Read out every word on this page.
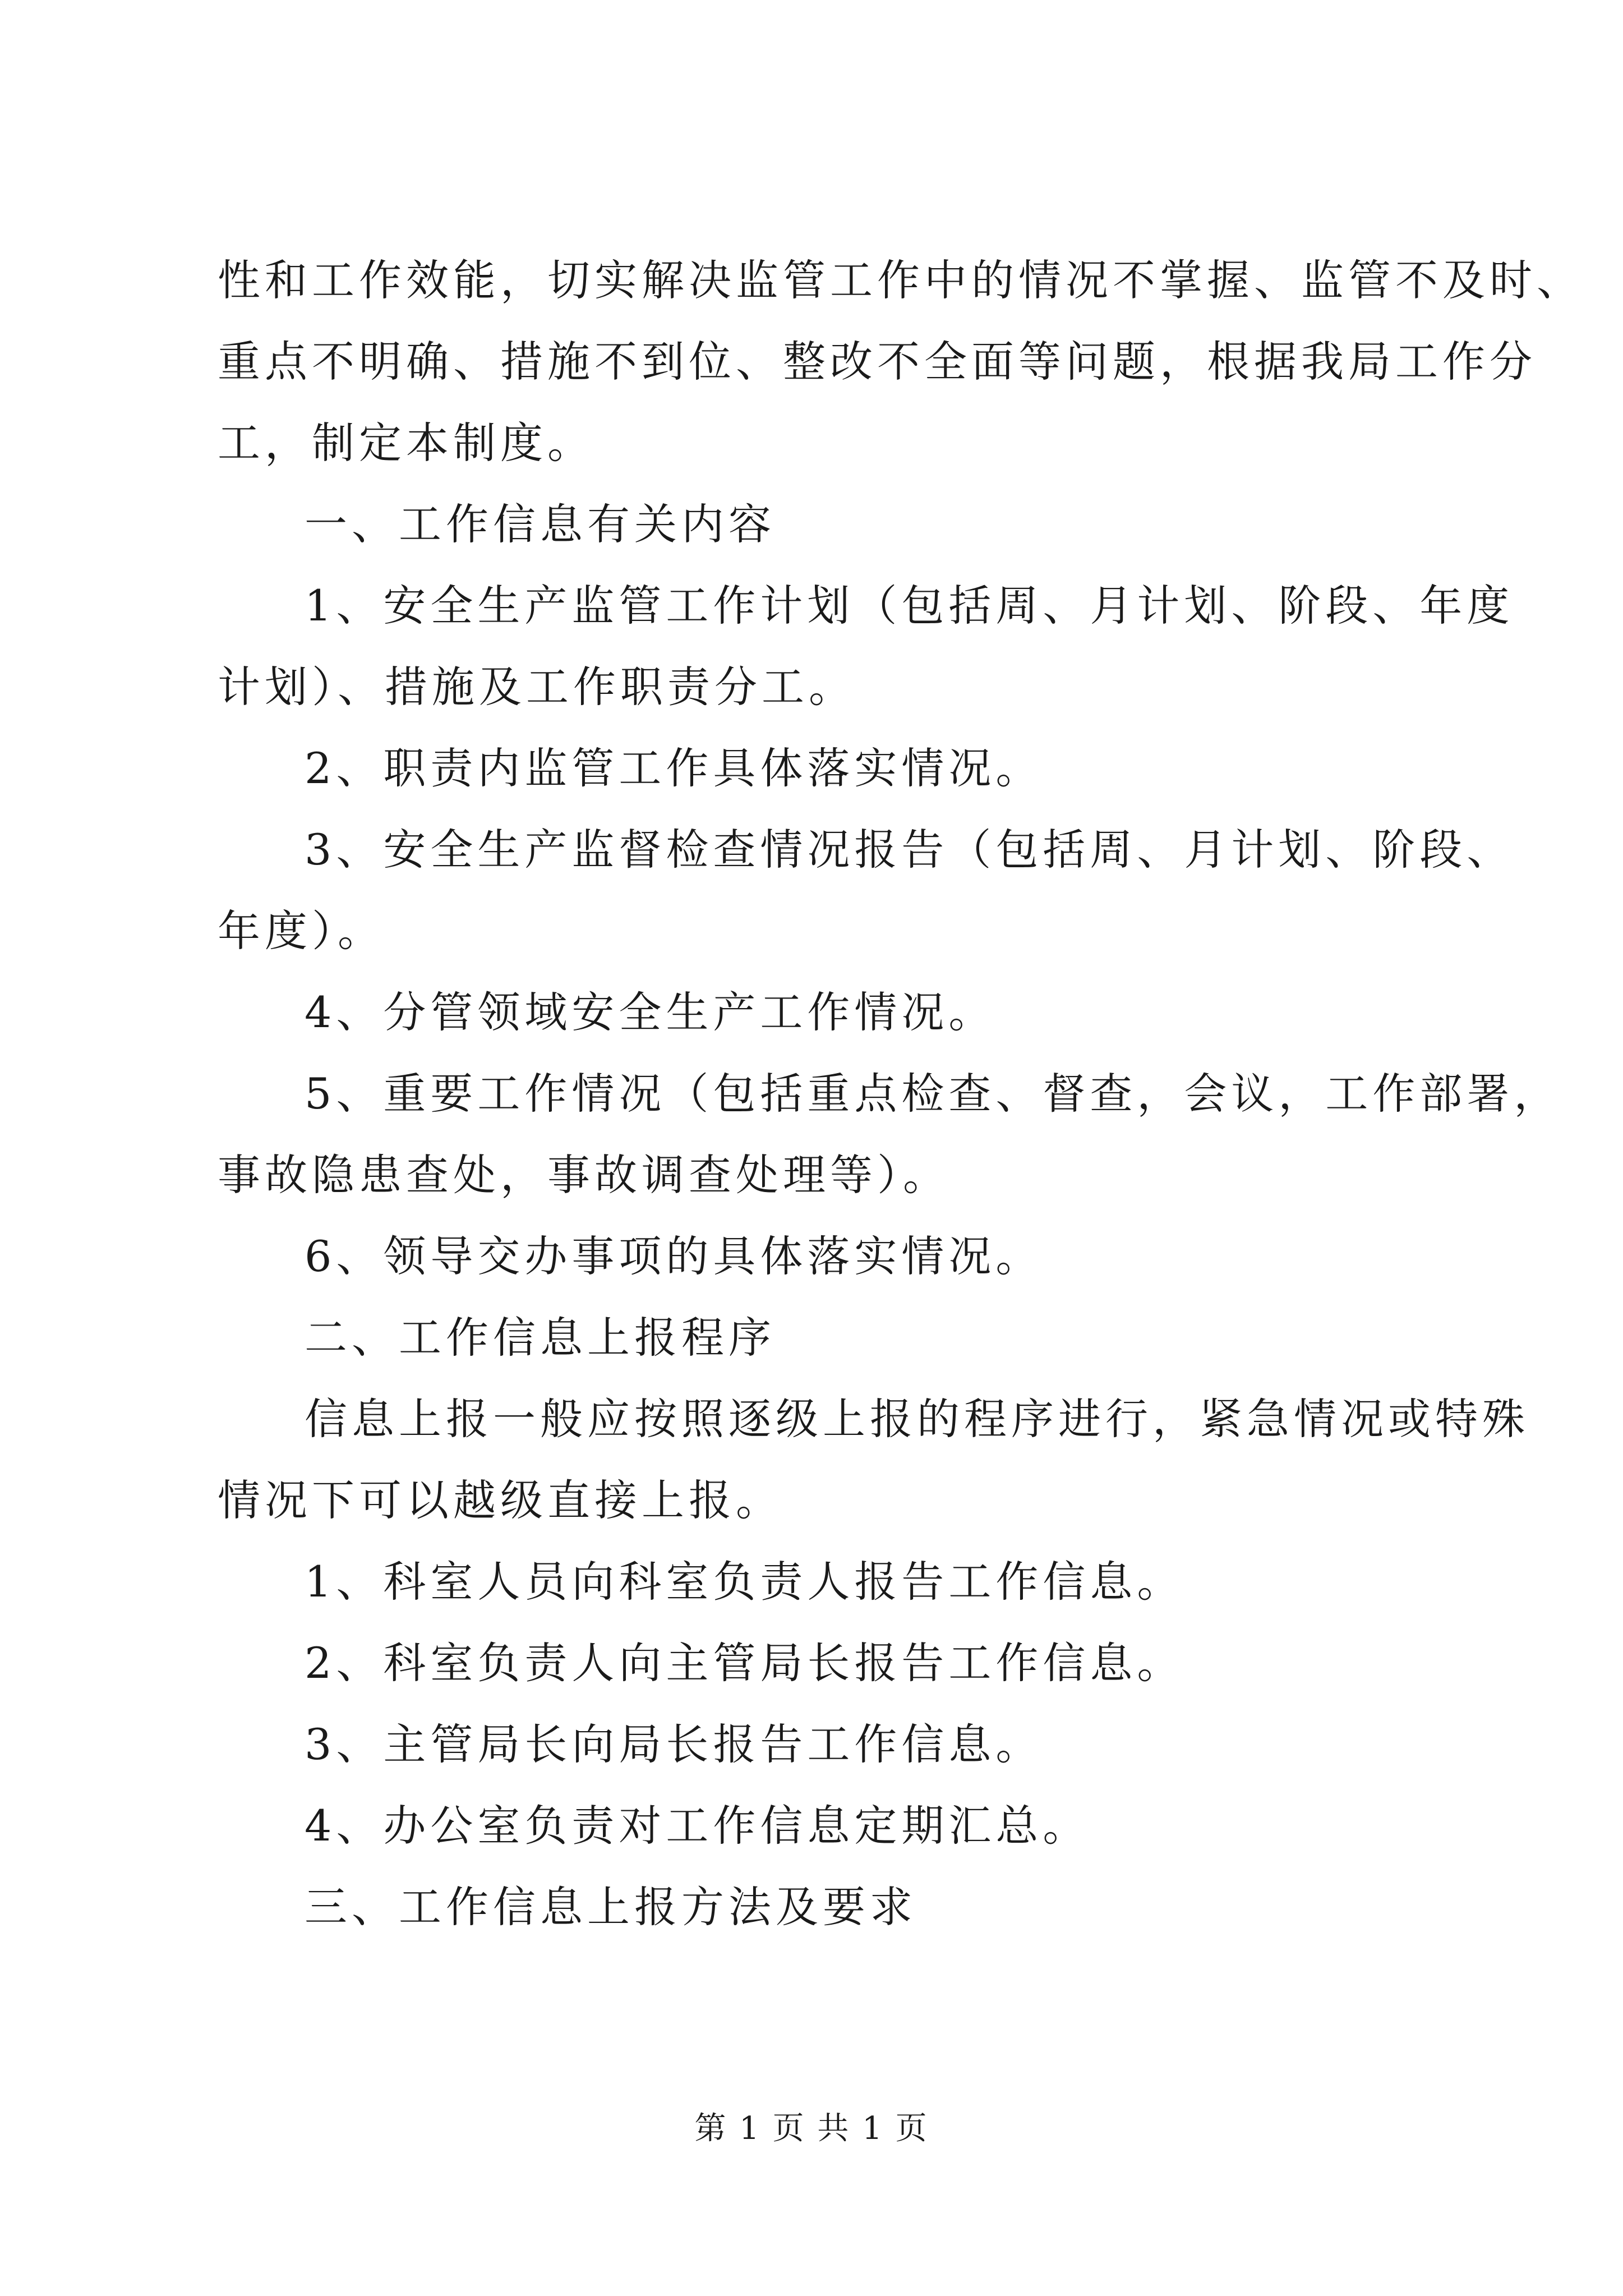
性和工作效能，切实解决监管工作中的情况不掌握、监管不及时、
重点不明确、措施不到位、整改不全面等问题，根据我局工作分
工，制定本制度。
一、工作信息有关内容
1、安全生产监管工作计划（包括周、月计划、阶段、年度
计划）、措施及工作职责分工。
2、职责内监管工作具体落实情况。
3、安全生产监督检查情况报告（包括周、月计划、阶段、
年度）。
4、分管领域安全生产工作情况。
5、重要工作情况（包括重点检查、督查，会议，工作部署，
事故隐患查处，事故调查处理等）。
6、领导交办事项的具体落实情况。
二、工作信息上报程序
信息上报一般应按照逐级上报的程序进行，紧急情况或特殊
情况下可以越级直接上报。
1、科室人员向科室负责人报告工作信息。
2、科室负责人向主管局长报告工作信息。
3、主管局长向局长报告工作信息。
4、办公室负责对工作信息定期汇总。
三、工作信息上报方法及要求
第 1 页 共 1 页
